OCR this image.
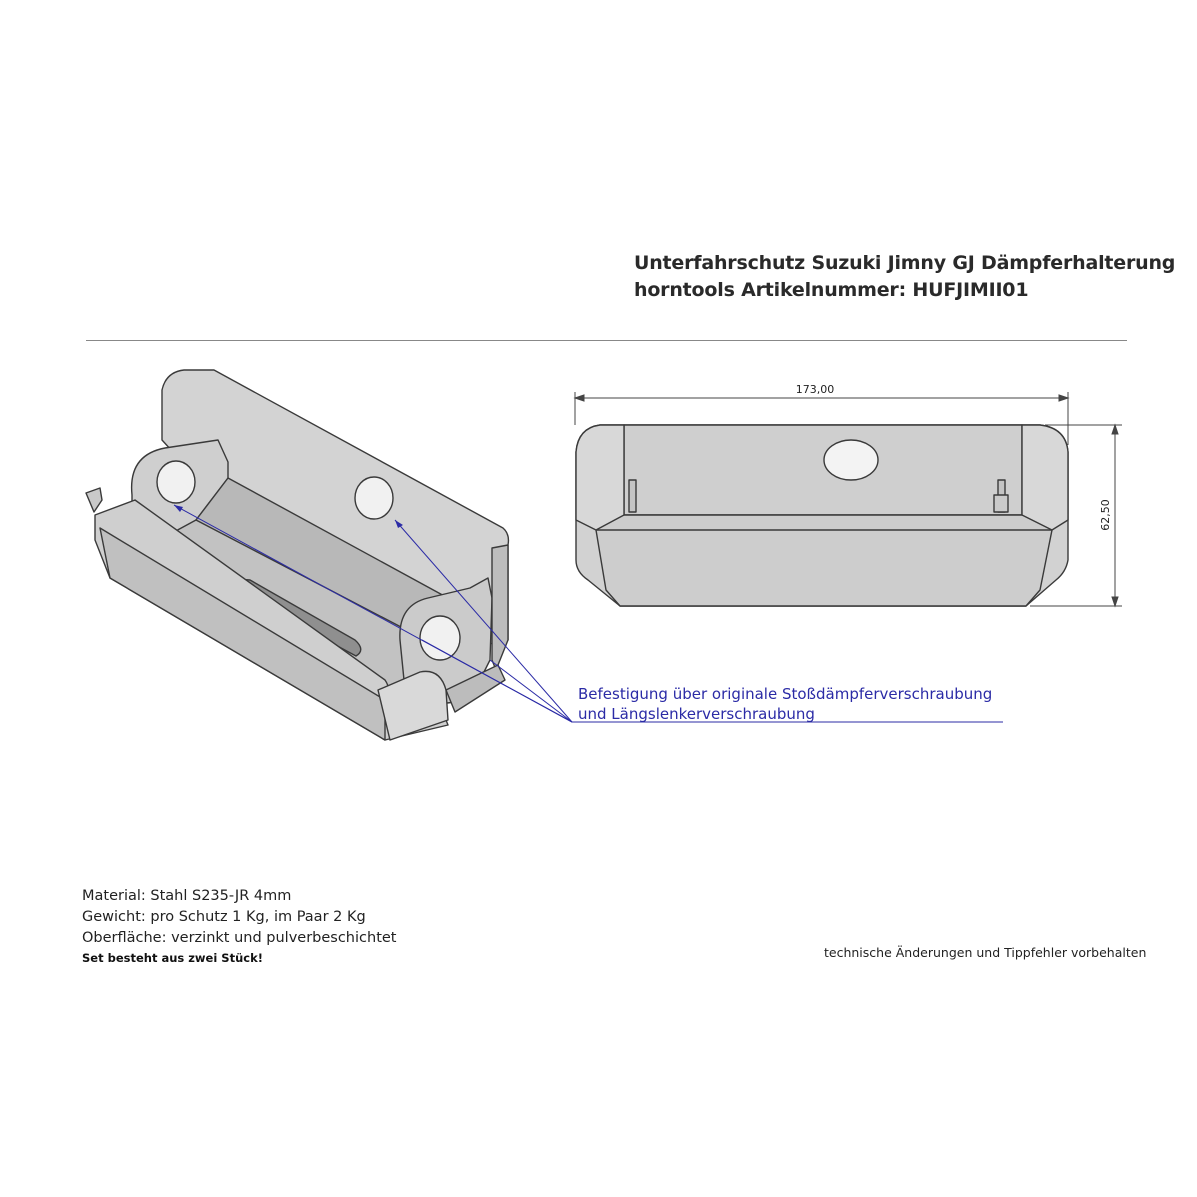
Unterfahrschutz Suzuki Jimny GJ Dämpferhalterung
horntools Artikelnummer: HUFJIMII01
173,00
62,50
Befestigung über originale Stoßdämpferverschraubung
und Längslenkerverschraubung
Material: Stahl S235-JR 4mm
Gewicht: pro Schutz 1 Kg, im Paar 2 Kg
Oberfläche: verzinkt und pulverbeschichtet
Set besteht aus zwei Stück!	technische Änderungen und Tippfehler vorbehalten
